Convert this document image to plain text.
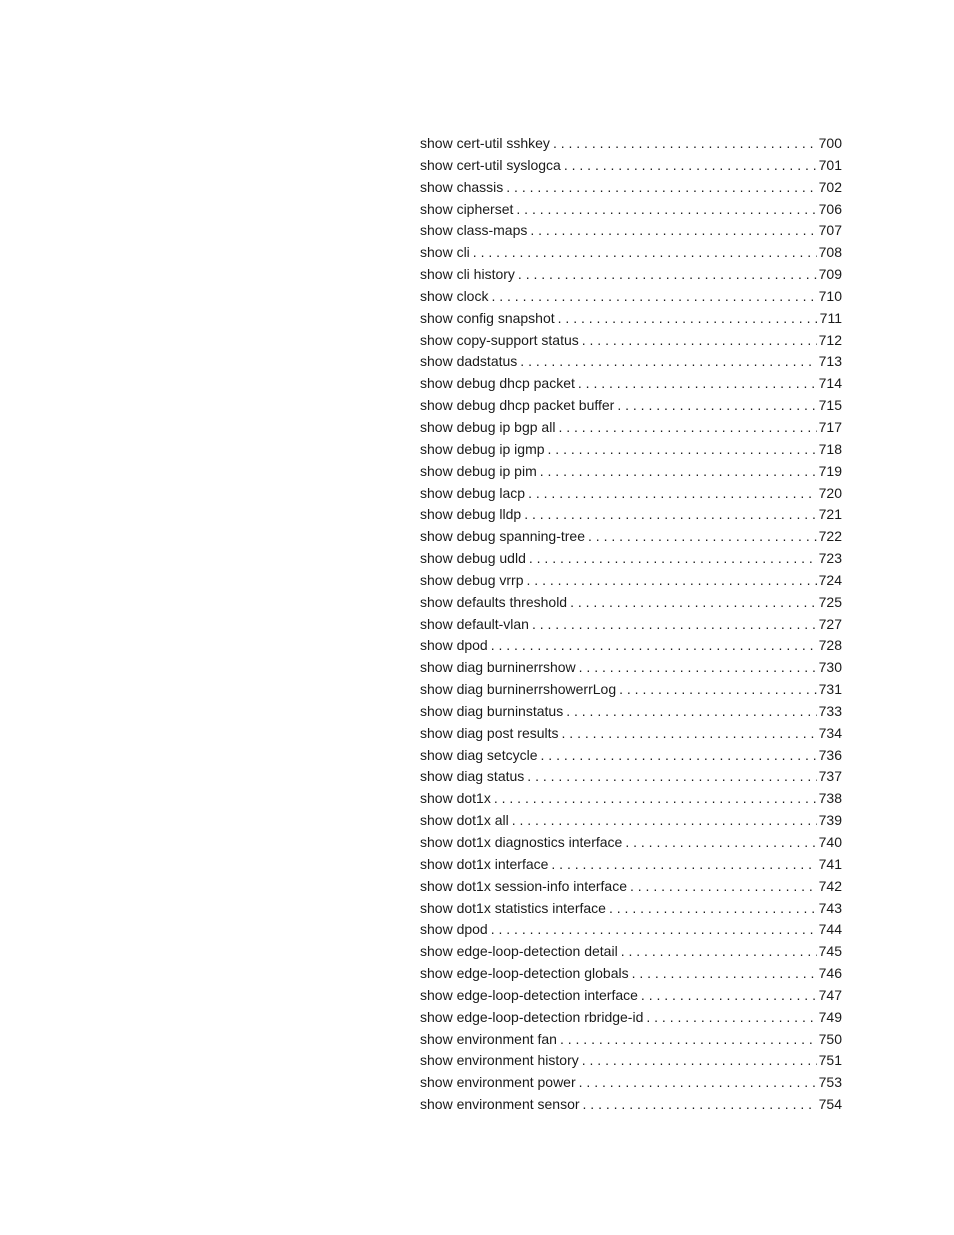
show cert-util sshkey . . .	700
show cert-util syslogca . . .	701
show chassis . . .	702
show cipherset . . .	706
show class-maps . . .	707
show cli . . .	708
show cli history . . .	709
show clock . . .	710
show config snapshot . . .	711
show copy-support status . . .	712
show dadstatus . . .	713
show debug dhcp packet . . .	714
show debug dhcp packet buffer . . .	715
show debug ip bgp all . . .	717
show debug ip igmp . . .	718
show debug ip pim . . .	719
show debug lacp . . .	720
show debug lldp . . .	721
show debug spanning-tree . . .	722
show debug udld . . .	723
show debug vrrp . . .	724
show defaults threshold . . .	725
show default-vlan . . .	727
show dpod . . .	728
show diag burninerrshow . . .	730
show diag burninerrshowerrLog . . .	731
show diag burninstatus . . .	733
show diag post results . . .	734
show diag setcycle . . .	736
show diag status . . .	737
show dot1x . . .	738
show dot1x all . . .	739
show dot1x diagnostics interface . . .	740
show dot1x interface . . .	741
show dot1x session-info interface . . .	742
show dot1x statistics interface . . .	743
show dpod . . .	744
show edge-loop-detection detail . . .	745
show edge-loop-detection globals . . .	746
show edge-loop-detection interface . . .	747
show edge-loop-detection rbridge-id . . .	749
show environment fan . . .	750
show environment history . . .	751
show environment power . . .	753
show environment sensor . . .	754
